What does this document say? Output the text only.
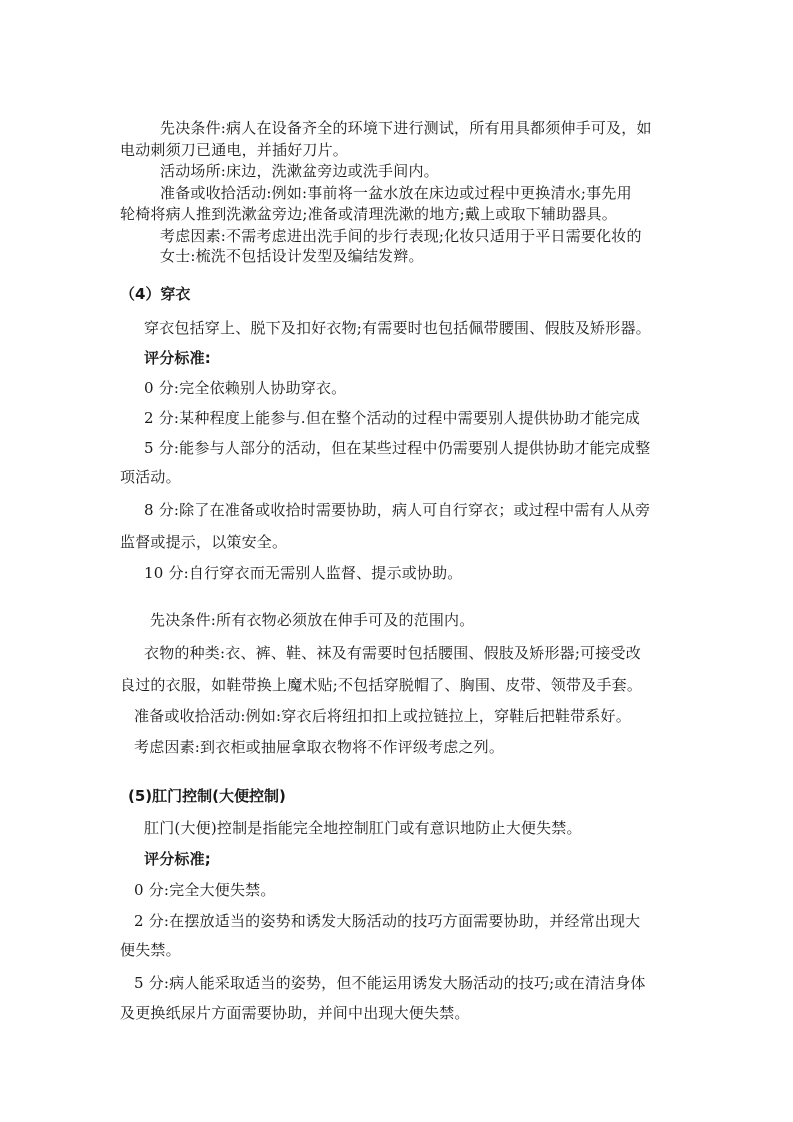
先决条件:病人在设备齐全的环境下进行测试，所有用具都须伸手可及，如
电动刺须刀已通电，并插好刀片。
活动场所:床边，洗漱盆旁边或洗手间内。
准备或收拾活动:例如:事前将一盆水放在床边或过程中更换清水;事先用
轮椅将病人推到洗漱盆旁边;准备或清理洗漱的地方;戴上或取下辅助器具。
考虑因素:不需考虑进出洗手间的步行表现;化妆只适用于平日需要化妆的
女士:梳洗不包括设计发型及编结发辫。
（4）穿衣
穿衣包括穿上、脱下及扣好衣物;有需要时也包括佩带腰围、假肢及矫形器。
评分标准:
0 分:完全依赖别人协助穿衣。
2 分:某种程度上能参与.但在整个活动的过程中需要别人提供协助才能完成
5 分:能参与人部分的活动，但在某些过程中仍需要别人提供协助才能完成整
项活动。
8 分:除了在准备或收拾时需要协助，病人可自行穿衣；或过程中需有人从旁
监督或提示，以策安全。
10 分:自行穿衣而无需别人监督、提示或协助。
先决条件:所有衣物必须放在伸手可及的范围内。
衣物的种类:衣、裤、鞋、袜及有需要时包括腰围、假肢及矫形器;可接受改
良过的衣服，如鞋带换上魔术贴;不包括穿脱帽了、胸围、皮带、领带及手套。
准备或收拾活动:例如:穿衣后将纽扣扣上或拉链拉上，穿鞋后把鞋带系好。
考虑因素:到衣柜或抽屉拿取衣物将不作评级考虑之列。
(5)肛门控制(大便控制)
肛门(大便)控制是指能完全地控制肛门或有意识地防止大便失禁。
评分标准;
0 分:完全大便失禁。
2 分:在摆放适当的姿势和诱发大肠活动的技巧方面需要协助，并经常出现大
便失禁。
5 分:病人能采取适当的姿势，但不能运用诱发大肠活动的技巧;或在清洁身体
及更换纸尿片方面需要协助，并间中出现大便失禁。
